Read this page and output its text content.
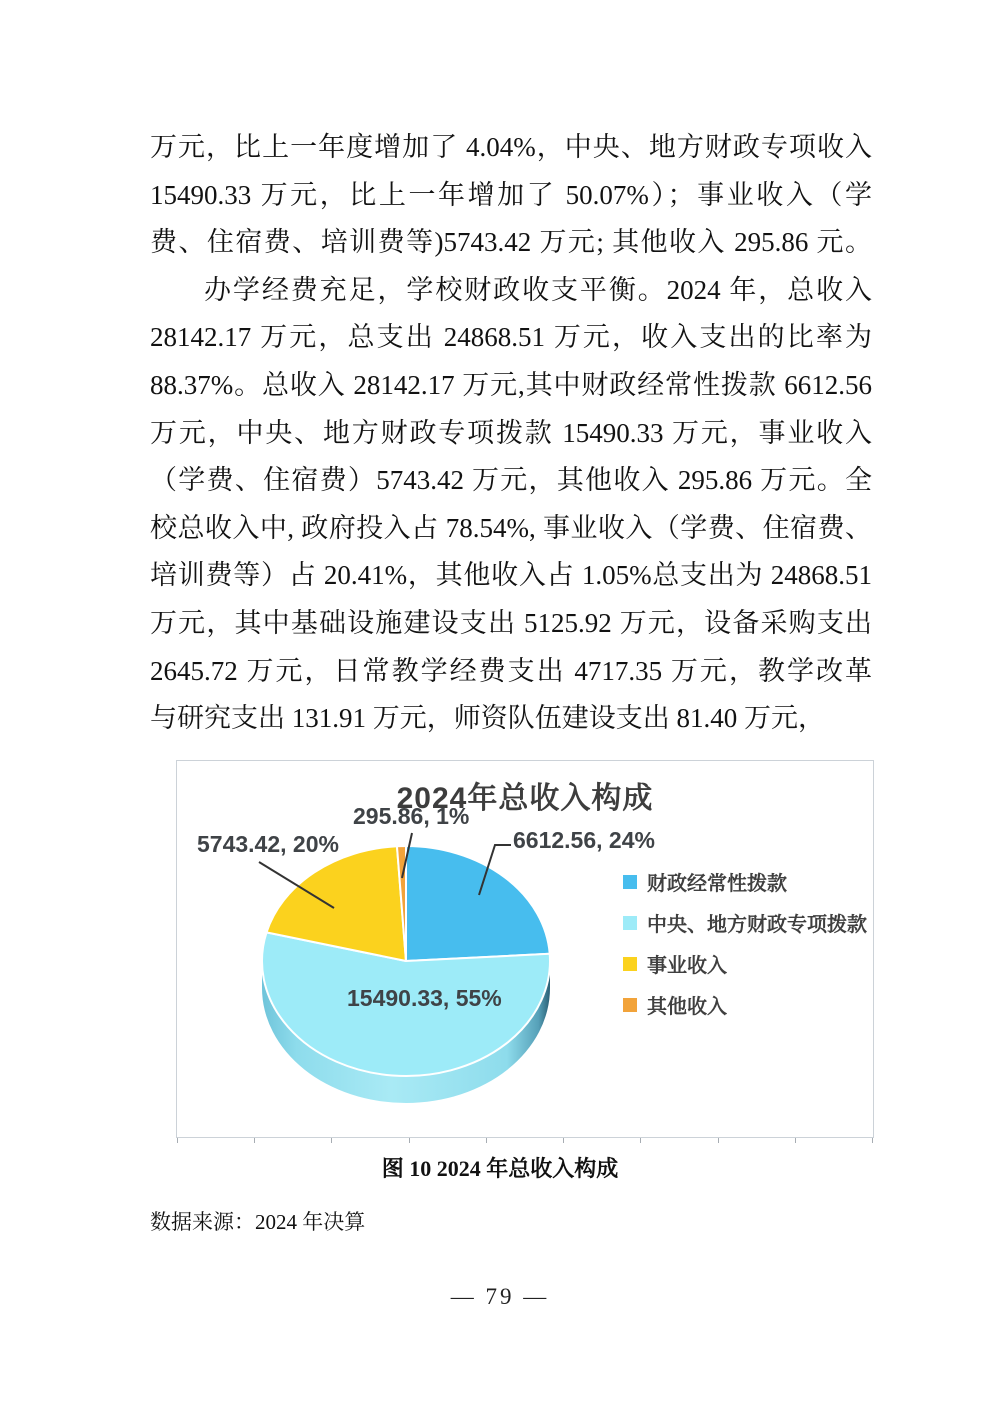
万元，比上一年度增加了 4.04%，中央、地方财政专项收入
15490.33 万元，比上一年增加了 50.07%）；事业收入（学
费、住宿费、培训费等)5743.42 万元; 其他收入 295.86 元。
办学经费充足，学校财政收支平衡。2024 年，总收入
28142.17 万元，总支出 24868.51 万元，收入支出的比率为
88.37%。总收入 28142.17 万元,其中财政经常性拨款 6612.56
万元，中央、地方财政专项拨款 15490.33 万元，事业收入
（学费、住宿费）5743.42 万元，其他收入 295.86 万元。全
校总收入中, 政府投入占 78.54%, 事业收入（学费、住宿费、
培训费等）占 20.41%，其他收入占 1.05%总支出为 24868.51
万元，其中基础设施建设支出 5125.92 万元，设备采购支出
2645.72 万元，日常教学经费支出 4717.35 万元，教学改革
与研究支出 131.91 万元，师资队伍建设支出 81.40 万元，
2024年总收入构成
6612.56, 24%
15490.33, 55%
5743.42, 20%
295.86, 1%
财政经常性拨款
中央、地方财政专项拨款
事业收入
其他收入
图 10 2024 年总收入构成
数据来源：2024 年决算
— 79 —
